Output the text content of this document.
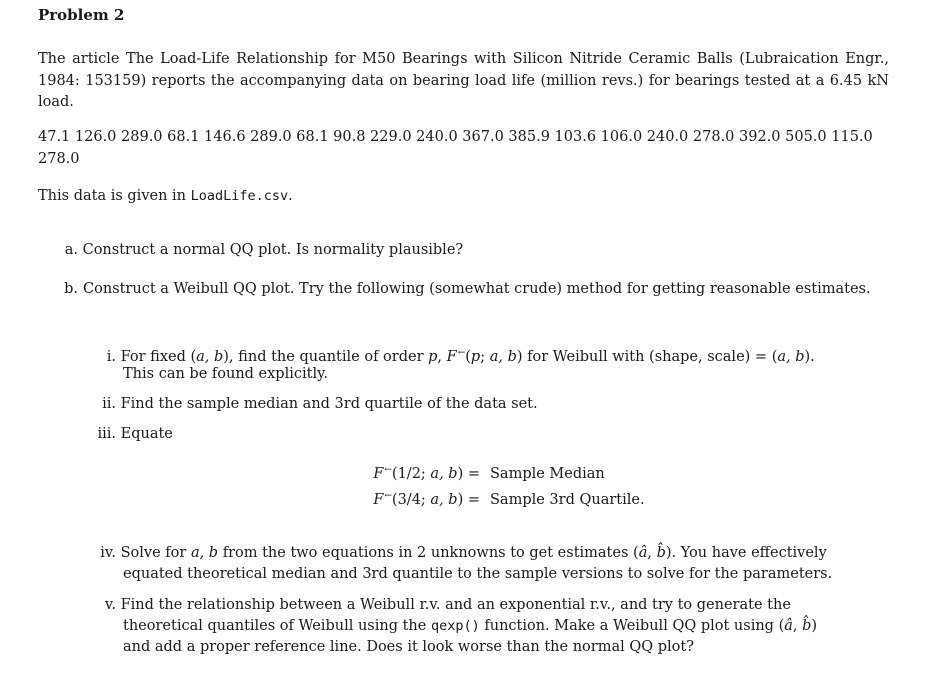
Problem 2
The article The Load-Life Relationship for M50 Bearings with Silicon Nitride Ceramic Balls (Lubraication Engr., 1984: 153159) reports the accompanying data on bearing load life (million revs.) for bearings tested at a 6.45 kN load.
47.1 126.0 289.0 68.1 146.6 289.0 68.1 90.8 229.0 240.0 367.0 385.9 103.6 106.0 240.0 278.0 392.0 505.0 115.0
278.0
This data is given in LoadLife.csv.
a. Construct a normal QQ plot. Is normality plausible?
b. Construct a Weibull QQ plot. Try the following (somewhat crude) method for getting reasonable estimates.
i. For fixed (a, b), find the quantile of order p, F←(p; a, b) for Weibull with (shape, scale) = (a, b).
This can be found explicitly.
ii. Find the sample median and 3rd quartile of the data set.
iii. Equate
F←(1/2; a, b) = Sample Median
F←(3/4; a, b) = Sample 3rd Quartile.
iv. Solve for a, b from the two equations in 2 unknowns to get estimates (â, b̂). You have effectively
equated theoretical median and 3rd quantile to the sample versions to solve for the parameters.
v. Find the relationship between a Weibull r.v. and an exponential r.v., and try to generate the
theoretical quantiles of Weibull using the qexp() function. Make a Weibull QQ plot using (â, b̂)
and add a proper reference line. Does it look worse than the normal QQ plot?
